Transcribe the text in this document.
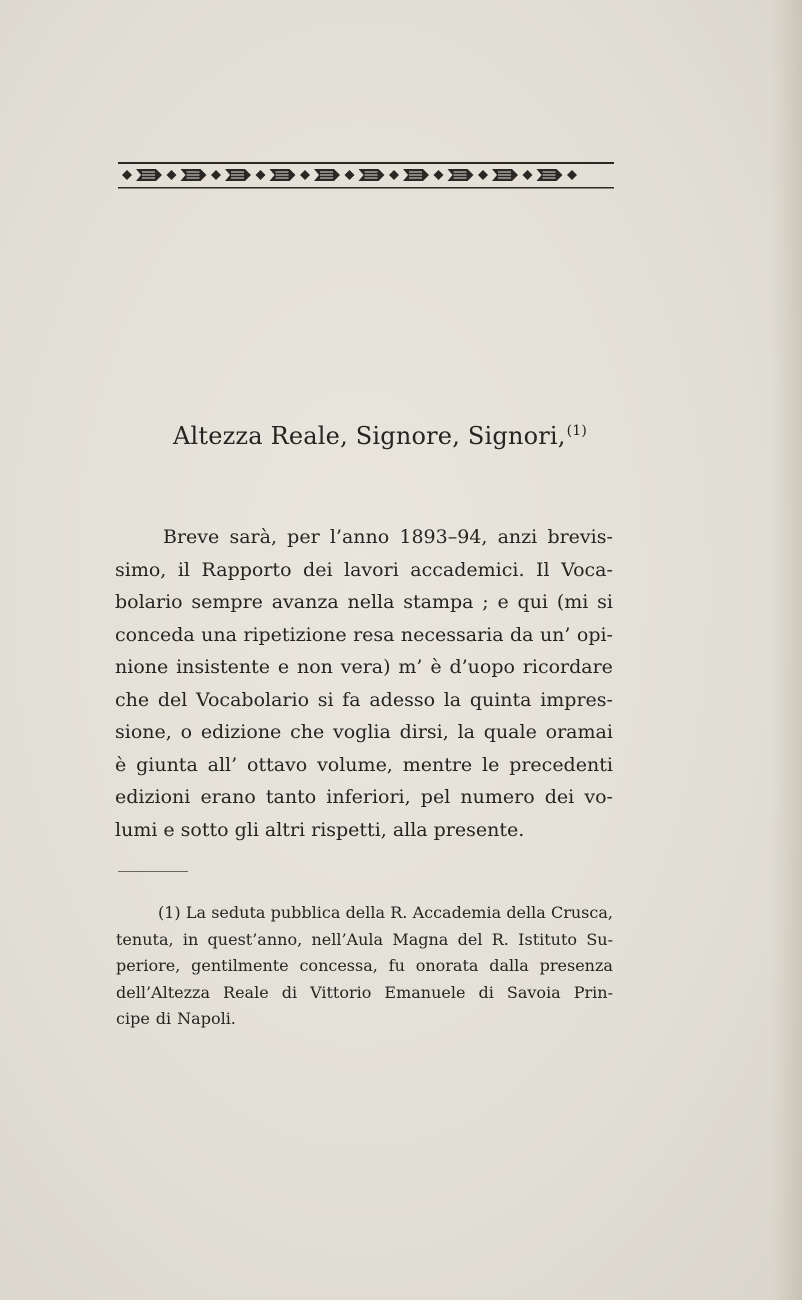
Altezza Reale, Signore, Signori,$^{(1)}$
Breve sarà, per l’anno 1893–94, anzi brevis-
simo, il Rapporto dei lavori accademici. Il Voca-
bolario sempre avanza nella stampa ; e qui (mi si
conceda una ripetizione resa necessaria da un’ opi-
nione insistente e non vera) m’ è d’uopo ricordare
che del Vocabolario si fa adesso la quinta impres-
sione, o edizione che voglia dirsi, la quale oramai
è giunta all’ ottavo volume, mentre le precedenti
edizioni erano tanto inferiori, pel numero dei vo-
lumi e sotto gli altri rispetti, alla presente.
(1) La seduta pubblica della R. Accademia della Crusca,
tenuta, in quest’anno, nell’Aula Magna del R. Istituto Su-
periore, gentilmente concessa, fu onorata dalla presenza
dell’Altezza Reale di Vittorio Emanuele di Savoia Prin-
cipe di Napoli.
